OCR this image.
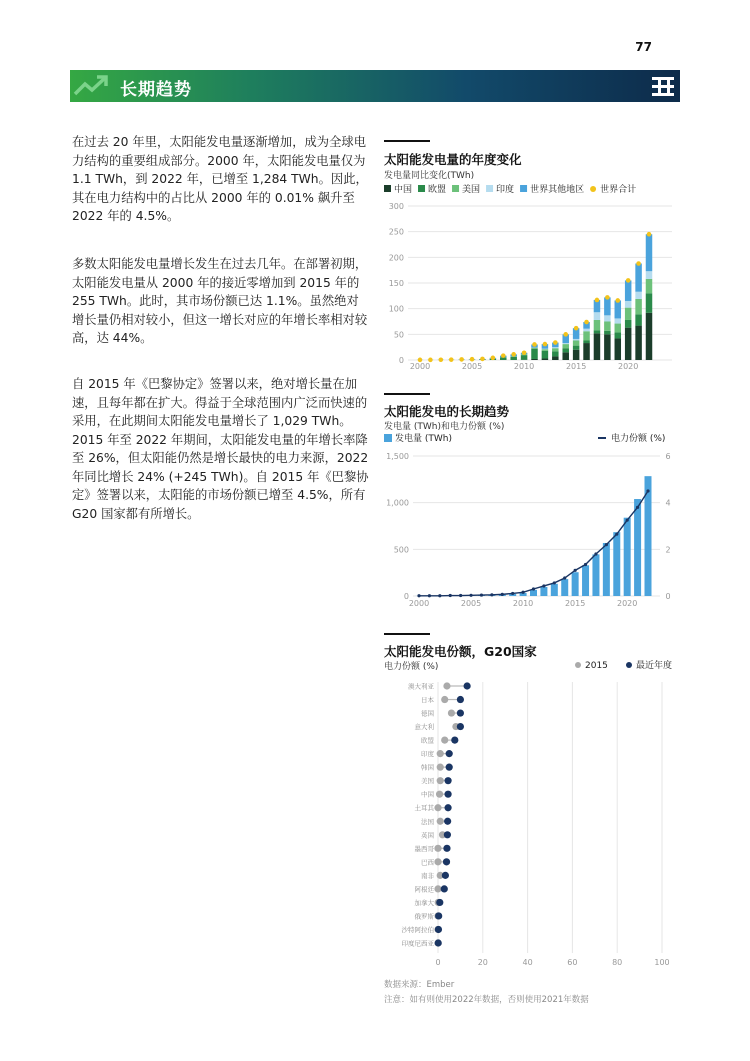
77
长期趋势
在过去 20 年里，太阳能发电量逐渐增加，成为全球电力结构的重要组成部分。2000 年，太阳能发电量仅为 1.1 TWh，到 2022 年，已增至 1,284 TWh。因此，其在电力结构中的占比从 2000 年的 0.01% 飙升至 2022 年的 4.5%。
多数太阳能发电量增长发生在过去几年。在部署初期，太阳能发电量从 2000 年的接近零增加到 2015 年的 255 TWh。此时，其市场份额已达 1.1%。虽然绝对增长量仍相对较小，但这一增长对应的年增长率相对较高，达 44%。
自 2015 年《巴黎协定》签署以来，绝对增长量在加速，且每年都在扩大。得益于全球范围内广泛而快速的采用，在此期间太阳能发电量增长了 1,029 TWh。2015 年至 2022 年期间，太阳能发电量的年增长率降至 26%，但太阳能仍然是增长最快的电力来源，2022 年同比增长 24% (+245 TWh)。自 2015 年《巴黎协定》签署以来，太阳能的市场份额已增至 4.5%，所有 G20 国家都有所增长。
太阳能发电量的年度变化
发电量同比变化(TWh)
中国 欧盟 美国 印度 世界其他地区 世界合计
0
50
100
150
200
250
300
2000	2005	2010	2015	2020
太阳能发电的长期趋势
发电量 (TWh)和电力份额 (%)
发电量 (TWh)	电力份额 (%)
0
500
1,000
1,500
0
2
4
6
2000	2005	2010	2015	2020
太阳能发电份额，G20国家
电力份额 (%)	2015	最近年度
0	20	40	60	80	100
澳大利亚
日本
德国
意大利
欧盟
印度
韩国
美国
中国
土耳其
法国
英国
墨西哥
巴西
南非
阿根廷
加拿大
俄罗斯
沙特阿拉伯
印度尼西亚
数据来源：Ember
注意：如有则使用2022年数据，否则使用2021年数据
